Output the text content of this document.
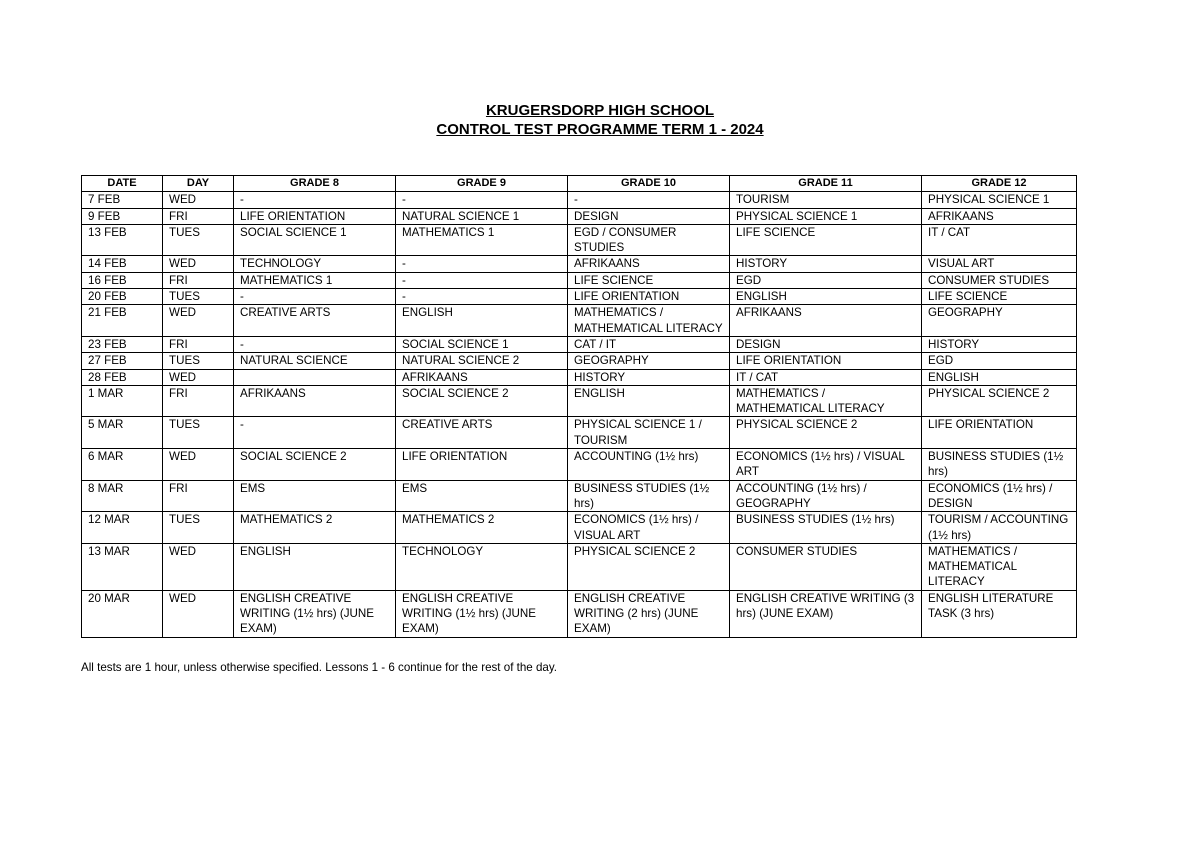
KRUGERSDORP HIGH SCHOOL
CONTROL TEST PROGRAMME TERM 1 - 2024
DATE	DAY	GRADE 8	GRADE 9	GRADE 10	GRADE 11	GRADE 12
7 FEB	WED	-	-	-	TOURISM	PHYSICAL SCIENCE 1
9 FEB	FRI	LIFE ORIENTATION	NATURAL SCIENCE 1	DESIGN	PHYSICAL SCIENCE 1	AFRIKAANS
13 FEB	TUES	SOCIAL SCIENCE 1	MATHEMATICS 1	EGD / CONSUMER STUDIES	LIFE SCIENCE	IT / CAT
14 FEB	WED	TECHNOLOGY	-	AFRIKAANS	HISTORY	VISUAL ART
16 FEB	FRI	MATHEMATICS 1	-	LIFE SCIENCE	EGD	CONSUMER STUDIES
20 FEB	TUES	-	-	LIFE ORIENTATION	ENGLISH	LIFE SCIENCE
21 FEB	WED	CREATIVE ARTS	ENGLISH	MATHEMATICS / MATHEMATICAL LITERACY	AFRIKAANS	GEOGRAPHY
23 FEB	FRI	-	SOCIAL SCIENCE 1	CAT / IT	DESIGN	HISTORY
27 FEB	TUES	NATURAL SCIENCE	NATURAL SCIENCE 2	GEOGRAPHY	LIFE ORIENTATION	EGD
28 FEB	WED		AFRIKAANS	HISTORY	IT / CAT	ENGLISH
1 MAR	FRI	AFRIKAANS	SOCIAL SCIENCE 2	ENGLISH	MATHEMATICS / MATHEMATICAL LITERACY	PHYSICAL SCIENCE 2
5 MAR	TUES	-	CREATIVE ARTS	PHYSICAL SCIENCE 1 / TOURISM	PHYSICAL SCIENCE 2	LIFE ORIENTATION
6 MAR	WED	SOCIAL SCIENCE 2	LIFE ORIENTATION	ACCOUNTING (1½ hrs)	ECONOMICS (1½ hrs) / VISUAL ART	BUSINESS STUDIES (1½ hrs)
8 MAR	FRI	EMS	EMS	BUSINESS STUDIES (1½ hrs)	ACCOUNTING (1½ hrs) / GEOGRAPHY	ECONOMICS (1½ hrs) / DESIGN
12 MAR	TUES	MATHEMATICS 2	MATHEMATICS 2	ECONOMICS (1½ hrs) / VISUAL ART	BUSINESS STUDIES (1½ hrs)	TOURISM / ACCOUNTING (1½ hrs)
13 MAR	WED	ENGLISH	TECHNOLOGY	PHYSICAL SCIENCE 2	CONSUMER STUDIES	MATHEMATICS / MATHEMATICAL LITERACY
20 MAR	WED	ENGLISH CREATIVE WRITING (1½ hrs) (JUNE EXAM)	ENGLISH CREATIVE WRITING (1½ hrs) (JUNE EXAM)	ENGLISH CREATIVE WRITING (2 hrs) (JUNE EXAM)	ENGLISH CREATIVE WRITING (3 hrs) (JUNE EXAM)	ENGLISH LITERATURE TASK (3 hrs)
All tests are 1 hour, unless otherwise specified. Lessons 1 - 6 continue for the rest of the day.
